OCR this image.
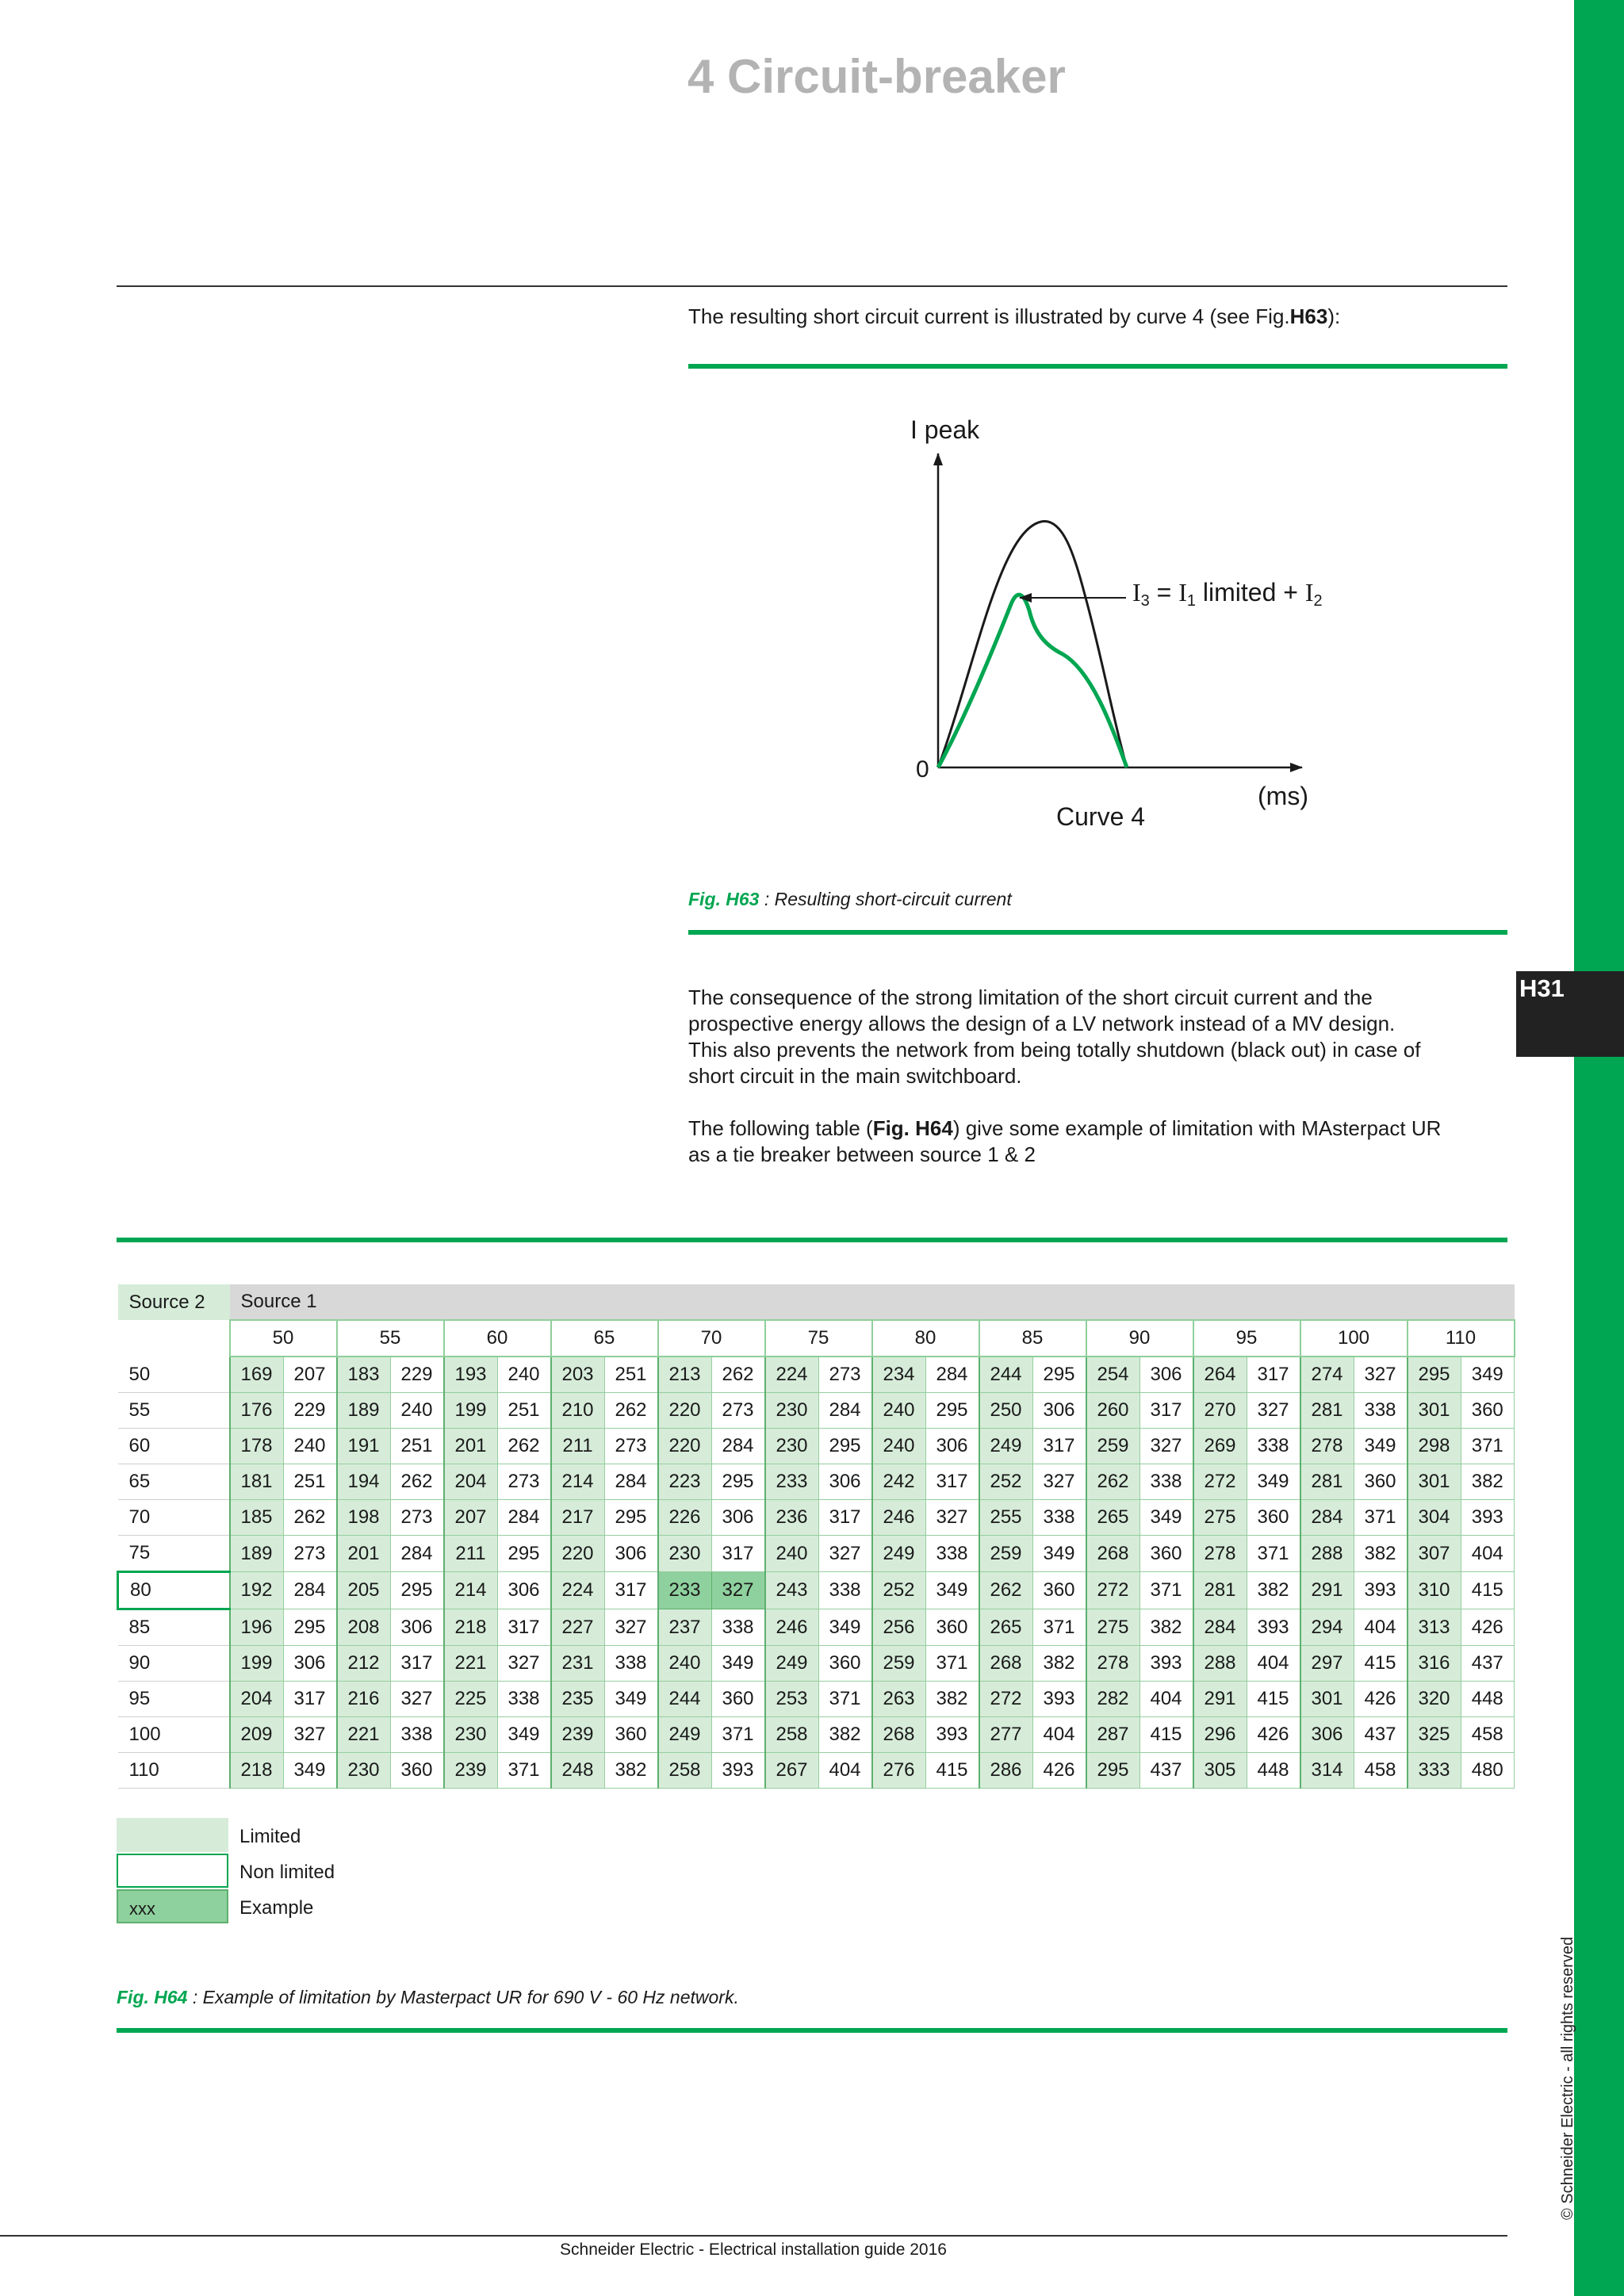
H31
© Schneider Electric - all rights reserved
4 Circuit-breaker
The resulting short circuit current is illustrated by curve 4 (see Fig.H63):
I peak
0
(ms)
Curve 4
I3 = I1 limited + I2
Fig. H63 : Resulting short-circuit current
The consequence of the strong limitation of the short circuit current and the
prospective energy allows the design of a LV network instead of a MV design.
This also prevents the network from being totally shutdown (black out) in case of
short circuit in the main switchboard.
The following table (Fig. H64) give some example of limitation with MAsterpact UR
as a tie breaker between source 1 & 2
Source 2	Source 1																							
	50		55		60		65		70		75		80		85		90		95		100		110	
50	169	207	183	229	193	240	203	251	213	262	224	273	234	284	244	295	254	306	264	317	274	327	295	349
55	176	229	189	240	199	251	210	262	220	273	230	284	240	295	250	306	260	317	270	327	281	338	301	360
60	178	240	191	251	201	262	211	273	220	284	230	295	240	306	249	317	259	327	269	338	278	349	298	371
65	181	251	194	262	204	273	214	284	223	295	233	306	242	317	252	327	262	338	272	349	281	360	301	382
70	185	262	198	273	207	284	217	295	226	306	236	317	246	327	255	338	265	349	275	360	284	371	304	393
75	189	273	201	284	211	295	220	306	230	317	240	327	249	338	259	349	268	360	278	371	288	382	307	404
80	192	284	205	295	214	306	224	317	233	327	243	338	252	349	262	360	272	371	281	382	291	393	310	415
85	196	295	208	306	218	317	227	327	237	338	246	349	256	360	265	371	275	382	284	393	294	404	313	426
90	199	306	212	317	221	327	231	338	240	349	249	360	259	371	268	382	278	393	288	404	297	415	316	437
95	204	317	216	327	225	338	235	349	244	360	253	371	263	382	272	393	282	404	291	415	301	426	320	448
100	209	327	221	338	230	349	239	360	249	371	258	382	268	393	277	404	287	415	296	426	306	437	325	458
110	218	349	230	360	239	371	248	382	258	393	267	404	276	415	286	426	295	437	305	448	314	458	333	480
Limited
Non limited
xxx	Example
Fig. H64 : Example of limitation by Masterpact UR for 690 V - 60 Hz network.
Schneider Electric - Electrical installation guide 2016
